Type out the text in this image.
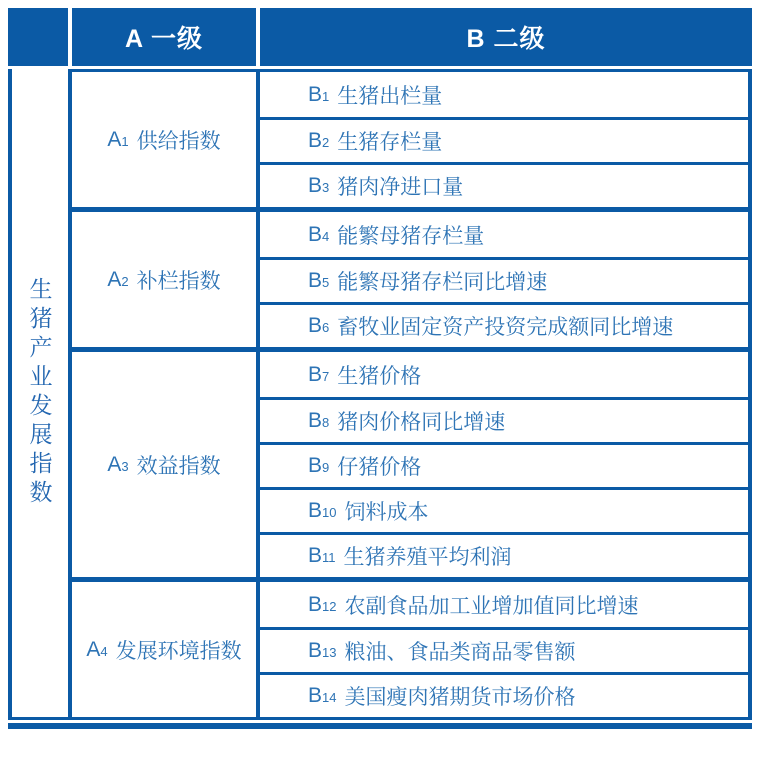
A 一级	B 二级
生猪产业发展指数
A1 供给指数
B1 生猪出栏量
B2 生猪存栏量
B3 猪肉净进口量
A2 补栏指数
B4 能繁母猪存栏量
B5 能繁母猪存栏同比增速
B6 畜牧业固定资产投资完成额同比增速
A3 效益指数
B7 生猪价格
B8 猪肉价格同比增速
B9 仔猪价格
B10 饲料成本
B11 生猪养殖平均利润
A4 发展环境指数
B12 农副食品加工业增加值同比增速
B13 粮油、食品类商品零售额
B14 美国瘦肉猪期货市场价格
